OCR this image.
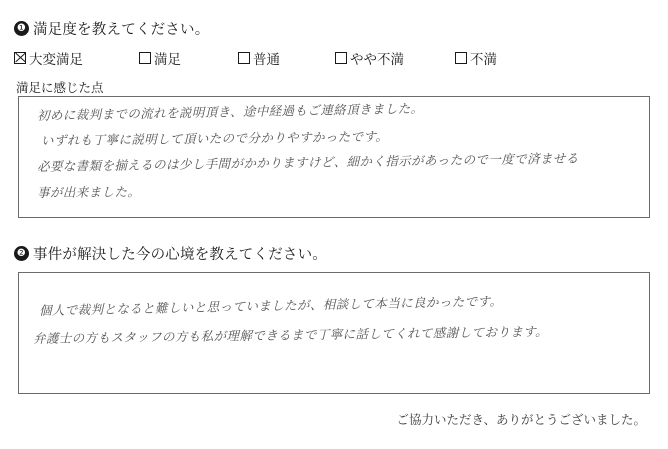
❶ 満足度を教えてください。
大変満足	満足	普通	やや不満	不満
満足に感じた点
初めに裁判までの流れを説明頂き、途中経過もご連絡頂きました。
いずれも丁寧に説明して頂いたので分かりやすかったです。
必要な書類を揃えるのは少し手間がかかりますけど、細かく指示があったので一度で済ませる
事が出来ました。
❷ 事件が解決した今の心境を教えてください。
個人で裁判となると難しいと思っていましたが、相談して本当に良かったです。
弁護士の方もスタッフの方も私が理解できるまで丁寧に話してくれて感謝しております。
ご協力いただき、ありがとうございました。
